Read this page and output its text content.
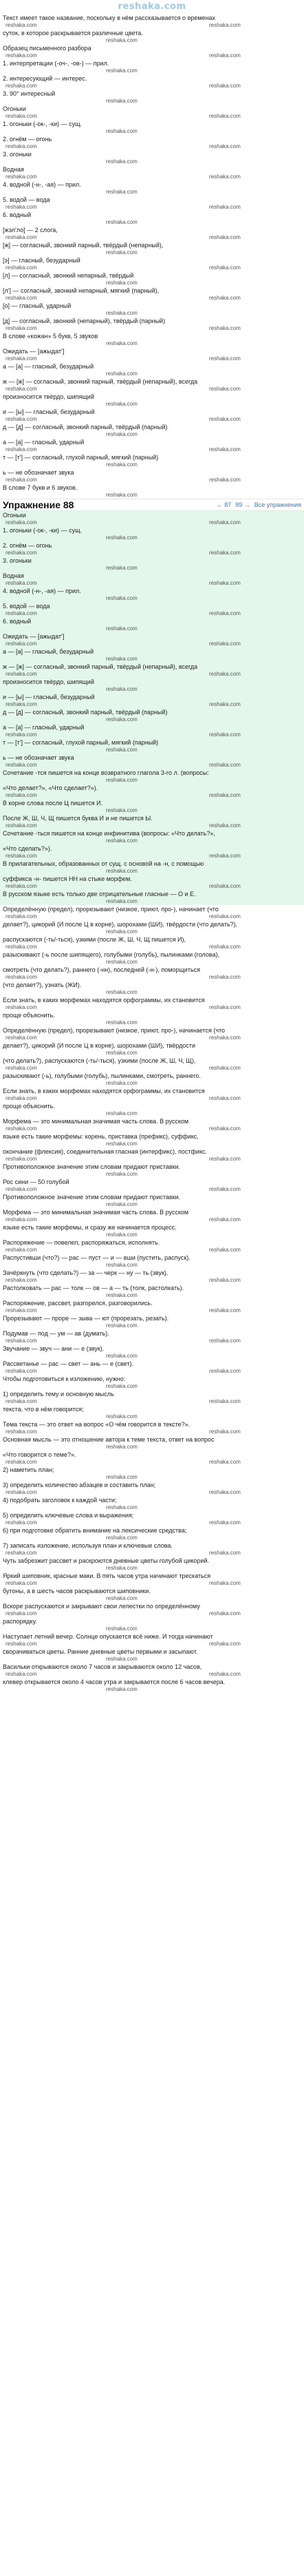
reshaka.com
Текст имеет такое название, поскольку в нём рассказывается о временах
reshaka.com	reshaka.com
суток, в которое раскрывается различные цвета.
reshaka.com
Образец письменного разбора
reshaka.com	reshaka.com
1. интерпретации (-оч-, -ов-) — прил.
reshaka.com
2. интересующий — интерес.
reshaka.com	reshaka.com
3. 90° интересный
reshaka.com
Огоньки
reshaka.com	reshaka.com
1. огоньки (-ок-, -ки) — сущ.
reshaka.com
2. огнём — огонь
reshaka.com	reshaka.com
3. огоньки
reshaka.com
Водная
reshaka.com	reshaka.com
4. водной (-н-, -ая) — прил.
reshaka.com
5. водой — вода
reshaka.com	reshaka.com
6. водный
reshaka.com
[жэл'ло] — 2 слога,
reshaka.com	reshaka.com
[ж] — согласный, звонкий парный, твёрдый (непарный),
reshaka.com
[э] — гласный, безударный
reshaka.com	reshaka.com
[л] — согласный, звонкий непарный, твёрдый
reshaka.com
[л'] — согласный, звонкий непарный, мягкий (парный),
reshaka.com	reshaka.com
[о] — гласный, ударный
reshaka.com
[д] — согласный, звонкий (непарный), твёрдый (парный)
reshaka.com	reshaka.com
В слове «кожан» 5 букв, 5 звуков
reshaka.com
Ожидать — [ажыдат']
reshaka.com	reshaka.com
а — [а] — гласный, безударный
reshaka.com
ж — [ж] — согласный, звонкий парный, твёрдый (непарный), всегда
reshaka.com	reshaka.com
произносится твёрдо, шипящий
reshaka.com
и — [ы] — гласный, безударный
reshaka.com	reshaka.com
д — [д] — согласный, звонкий парный, твёрдый (парный)
reshaka.com
а — [а] — гласный, ударный
reshaka.com	reshaka.com
т — [т'] — согласный, глухой парный, мягкий (парный)
reshaka.com
ь — не обозначает звука
reshaka.com	reshaka.com
В слове 7 букв и 6 звуков.
reshaka.com
Упражнение 88	← 87 89 → Все упражнения
Огоньки
reshaka.com	reshaka.com
1. огоньки (-ок-, -ки) — сущ.
reshaka.com
2. огнём — огонь
reshaka.com	reshaka.com
3. огоньки
reshaka.com
Водная
reshaka.com	reshaka.com
4. водной (-н-, -ая) — прил.
reshaka.com
5. водой — вода
reshaka.com	reshaka.com
6. водный
reshaka.com
Ожидать — [ажыдат']
reshaka.com	reshaka.com
а — [а] — гласный, безударный
reshaka.com
ж — [ж] — согласный, звонкий парный, твёрдый (непарный), всегда
reshaka.com	reshaka.com
произносится твёрдо, шипящий
reshaka.com
и — [ы] — гласный, безударный
reshaka.com	reshaka.com
д — [д] — согласный, звонкий парный, твёрдый (парный)
reshaka.com
а — [а] — гласный, ударный
reshaka.com	reshaka.com
т — [т'] — согласный, глухой парный, мягкий (парный)
reshaka.com
ь — не обозначает звука
reshaka.com	reshaka.com
Сочетание -тся пишется на конце возвратного глагола 3-го л. (вопросы:
reshaka.com
«Что делает?», «Что сделает?»).
reshaka.com	reshaka.com
В корне слова после Ц пишется И.
reshaka.com
После Ж, Ш, Ч, Щ пишется буква И и не пишется Ы.
reshaka.com	reshaka.com
Сочетание -ться пишется на конце инфинитива (вопросы: «Что делать?»,
reshaka.com
«Что сделать?»).
reshaka.com	reshaka.com
В прилагательных, образованных от сущ. с основой на -н, с помощью
reshaka.com
суффикса -н- пишется НН на стыке морфем.
reshaka.com	reshaka.com
В русском языке есть только две отрицательные гласные — О и Е.
reshaka.com
Определённую (предел), прорезывают (низкое, приют, про-), начинает (что
reshaka.com	reshaka.com
делает?), цикорий (И после Ц в корне), шорохами (ШИ), твёрдости (что делать?),
reshaka.com
распускаются (-ть/-ться), узкими (после Ж, Ш, Ч, Щ пишется И),
reshaka.com	reshaka.com
разыскивают (-ь после шипящего), голубыми (голубь), пылинками (голова),
reshaka.com
смотреть (что делать?), раннего (-нн), последней (-н-), поморщиться
reshaka.com	reshaka.com
(что делает?), узнать (ЖИ).
reshaka.com
Если знать, в каких морфемах находятся орфограммы, их становится
reshaka.com	reshaka.com
проще объяснить.
reshaka.com
Определённую (предел), прорезывают (низкое, приют, про-), начинается (что
reshaka.com	reshaka.com
делает?), цикорий (И после Ц в корне), шорохами (ШИ), твёрдости
reshaka.com
(что делать?), распускаются (-ть/-ться), узкими (после Ж, Ш, Ч, Щ),
reshaka.com	reshaka.com
разыскивают (-ь), голубыми (голубь), пылинками, смотреть, раннего.
reshaka.com
Если знать, в каких морфемах находятся орфограммы, их становится
reshaka.com	reshaka.com
проще объяснить.
reshaka.com
Морфема — это минимальная значимая часть слова. В русском
reshaka.com	reshaka.com
языке есть такие морфемы: корень, приставка (префикс), суффикс,
reshaka.com
окончание (флексия), соединительная гласная (интерфикс), постфикс.
reshaka.com	reshaka.com
Противоположное значение этим словам придают приставки.
reshaka.com
Рос сини — 50 голубой
reshaka.com	reshaka.com
Противоположное значение этим словам придают приставки.
reshaka.com
Морфема — это минимальная значимая часть слова. В русском
reshaka.com	reshaka.com
языке есть такие морфемы, и сразу же начинается процесс.
reshaka.com
Распоряжение — повелел, распоряжаться, исполнять.
reshaka.com	reshaka.com
Распустивши (что?) — рас — пуст — и — вши (пустить, распуск).
reshaka.com
Зачёркнуть (что сделать?) — за — черк — ну — ть (звук).
reshaka.com	reshaka.com
Растолковать — рас — толк — ов — а — ть (толк, растолкать).
reshaka.com
Распоряжение, рассвет, разгорелся, разговорились.
reshaka.com	reshaka.com
Прорезывают — проре — зыва — ют (прорезать, резать).
reshaka.com
Подумав — под — ум — ав (думать).
reshaka.com	reshaka.com
Звучание — звуч — ани — е (звук).
reshaka.com
Рассветанье — рас — свет — ань — е (свет).
reshaka.com	reshaka.com
Чтобы подготовиться к изложению, нужно:
reshaka.com
1) определить тему и основную мысль
reshaka.com	reshaka.com
текста, что в нём говорится;
reshaka.com
Тема текста — это ответ на вопрос «О чём говорится в тексте?».
reshaka.com	reshaka.com
Основная мысль — это отношение автора к теме текста, ответ на вопрос
reshaka.com
«Что говорится о теме?».
reshaka.com	reshaka.com
2) наметить план;
reshaka.com
3) определить количество абзацев и составить план;
reshaka.com	reshaka.com
4) подобрать заголовок к каждой части;
reshaka.com
5) определить ключевые слова и выражения;
reshaka.com	reshaka.com
6) при подготовке обратить внимание на лексические средства;
reshaka.com
7) записать изложение, используя план и ключевые слова.
reshaka.com	reshaka.com
Чуть забрезжит рассвет и раскроются дневные цветы голубой цикорий.
reshaka.com
Яркий шиповник, красные маки. В пять часов утра начинают трескаться
reshaka.com	reshaka.com
бутоны, а в шесть часов раскрываются шиповники.
reshaka.com
Вскоре распускаются и закрывают свои лепестки по определённому
reshaka.com	reshaka.com
распорядку.
reshaka.com
Наступает летний вечер. Солнце опускается всё ниже. И тогда начинают
reshaka.com	reshaka.com
сворачиваться цветы. Ранние дневные цветы первыми и засыпают.
reshaka.com
Васильки открываются около 7 часов и закрываются около 12 часов,
reshaka.com	reshaka.com
клевер открывается около 4 часов утра и закрывается после 6 часов вечера.
reshaka.com
